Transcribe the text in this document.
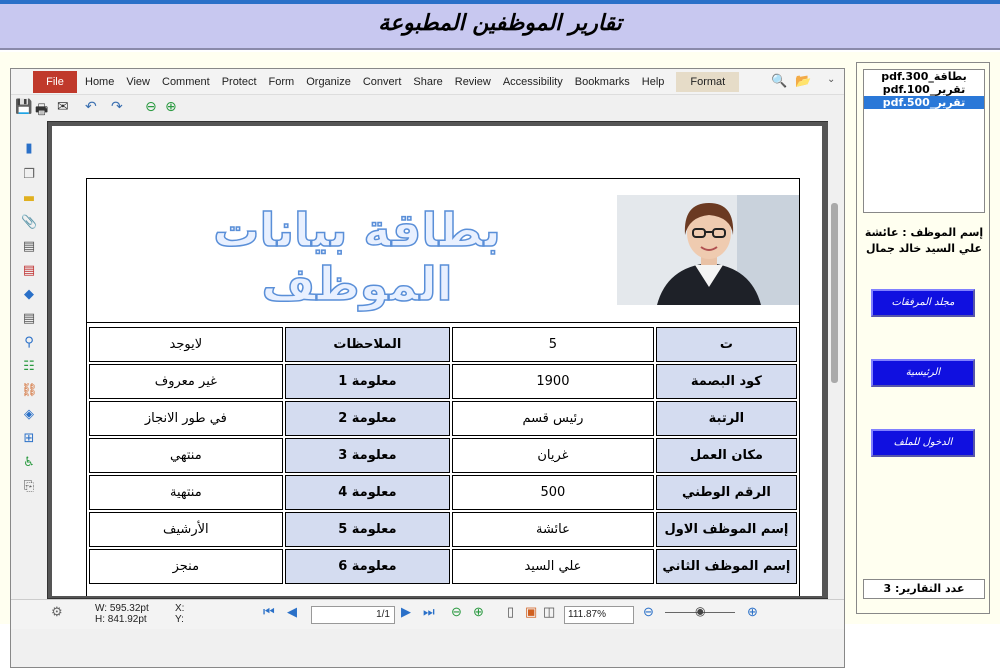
تقارير الموظفين المطبوعة
File	Home	View	Comment	Protect	Form	Organize	Convert	Share	Review	Accessibility	Bookmarks	Help	Format	🔍 📂 ⌄
💾 🖶 ✉ ↶ ↷ ⊖ ⊕
▮
❐
▬
📎
▤
▤
◆
▤
⚲
☷
⛓
◈
⊞
♿
⎘
بطاقة بيانات الموظف
ت	5	الملاحظات	لايوجد
كود البصمة	1900	معلومة 1	غير معروف
الرتبة	رئيس قسم	معلومة 2	في طور الانجاز
مكان العمل	غريان	معلومة 3	منتهي
الرقم الوطني	500	معلومة 4	منتهية
إسم الموظف الاول	عائشة	معلومة 5	الأرشيف
إسم الموظف الثاني	علي السيد	معلومة 6	منجز
⚙	W: 595.32pt
H: 841.92pt
X:
Y:
⏮ ◀	1/1 ▶ ⏭ ⊖ ⊕ ▯ ▣ ◫	111.87%	⊖	◉	⊕
بطاقة_pdf.300
تقرير_pdf.100
تقرير_pdf.500
إسم الموظف : عائشة علي السيد خالد جمال
مجلد المرفقات
الرئيسية
الدخول للملف
عدد التقارير: 3
